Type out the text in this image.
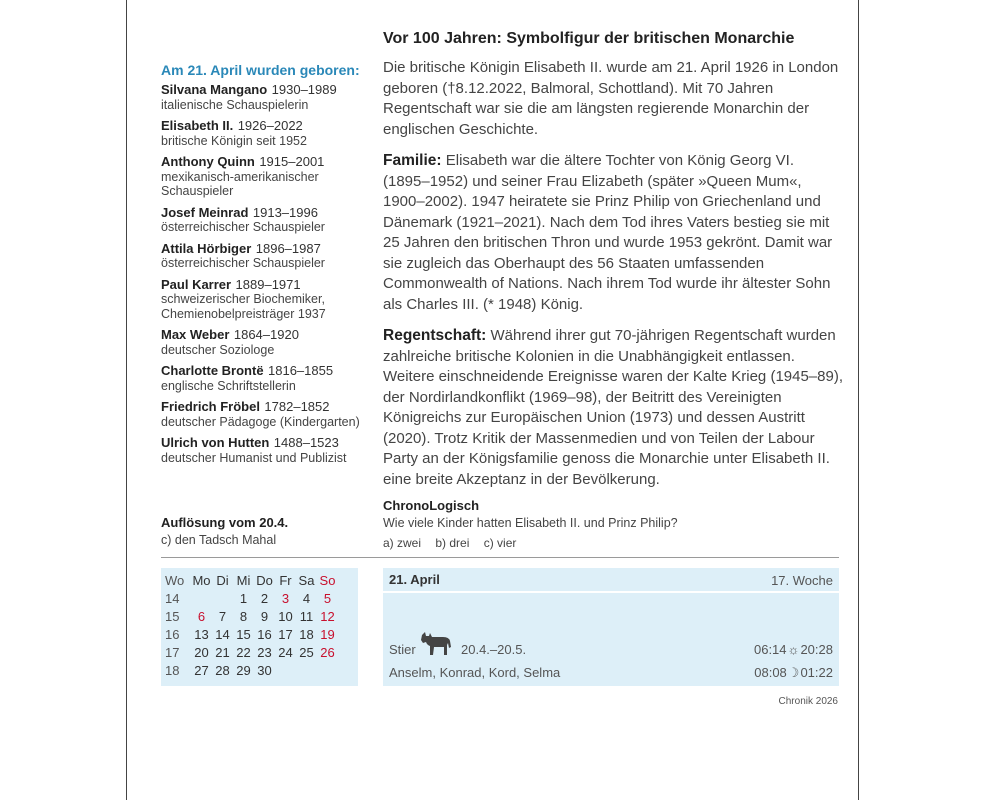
Am 21. April wurden geboren:
Silvana Mangano 1930–1989
italienische Schauspielerin
Elisabeth II. 1926–2022
britische Königin seit 1952
Anthony Quinn 1915–2001
mexikanisch-amerikanischer Schauspieler
Josef Meinrad 1913–1996
österreichischer Schauspieler
Attila Hörbiger 1896–1987
österreichischer Schauspieler
Paul Karrer 1889–1971
schweizerischer Biochemiker, Chemienobelpreisträger 1937
Max Weber 1864–1920
deutscher Soziologe
Charlotte Brontë 1816–1855
englische Schriftstellerin
Friedrich Fröbel 1782–1852
deutscher Pädagoge (Kindergarten)
Ulrich von Hutten 1488–1523
deutscher Humanist und Publizist
Vor 100 Jahren: Symbolfigur der britischen Monarchie

Die britische Königin Elisabeth II. wurde am 21. April 1926 in London geboren (†8.12.2022, Balmoral, Schottland). Mit 70 Jahren Regentschaft war sie die am längsten regierende Monarchin der englischen Geschichte.

Familie: Elisabeth war die ältere Tochter von König Georg VI. (1895–1952) und seiner Frau Elizabeth (später »Queen Mum«, 1900–2002). 1947 heiratete sie Prinz Philip von Griechenland und Dänemark (1921–2021). Nach dem Tod ihres Vaters bestieg sie mit 25 Jahren den britischen Thron und wurde 1953 gekrönt. Damit war sie zugleich das Oberhaupt des 56 Staaten umfassenden Commonwealth of Nations. Nach ihrem Tod wurde ihr ältester Sohn als Charles III. (* 1948) König.

Regentschaft: Während ihrer gut 70-jährigen Regentschaft wurden zahlreiche britische Kolonien in die Unabhängigkeit entlassen. Weitere einschneidende Ereignisse waren der Kalte Krieg (1945–89), der Nordirlandkonflikt (1969–98), der Beitritt des Vereinigten Königreichs zur Europäischen Union (1973) und dessen Austritt (2020). Trotz Kritik der Massenmedien und von Teilen der Labour Party an der Königsfamilie genoss die Monarchie unter Elisabeth II. eine breite Akzeptanz in der Bevölkerung.

Auflösung vom 20.4.
c) den Tadsch Mahal
ChronoLogisch
Wie viele Kinder hatten Elisabeth II. und Prinz Philip?
a) zwei b) drei c) vier
Wo	Mo	Di	Mi	Do	Fr	Sa	So
14			1	2	3	4	5
15	6	7	8	9	10	11	12
16	13	14	15	16	17	18	19
17	20	21	22	23	24	25	26
18	27	28	29	30			
21. April	17. Woche
Stier	20.4.–20.5.
Anselm, Konrad, Kord, Selma
06:14☼20:28
08:08☽01:22
Chronik 2026
